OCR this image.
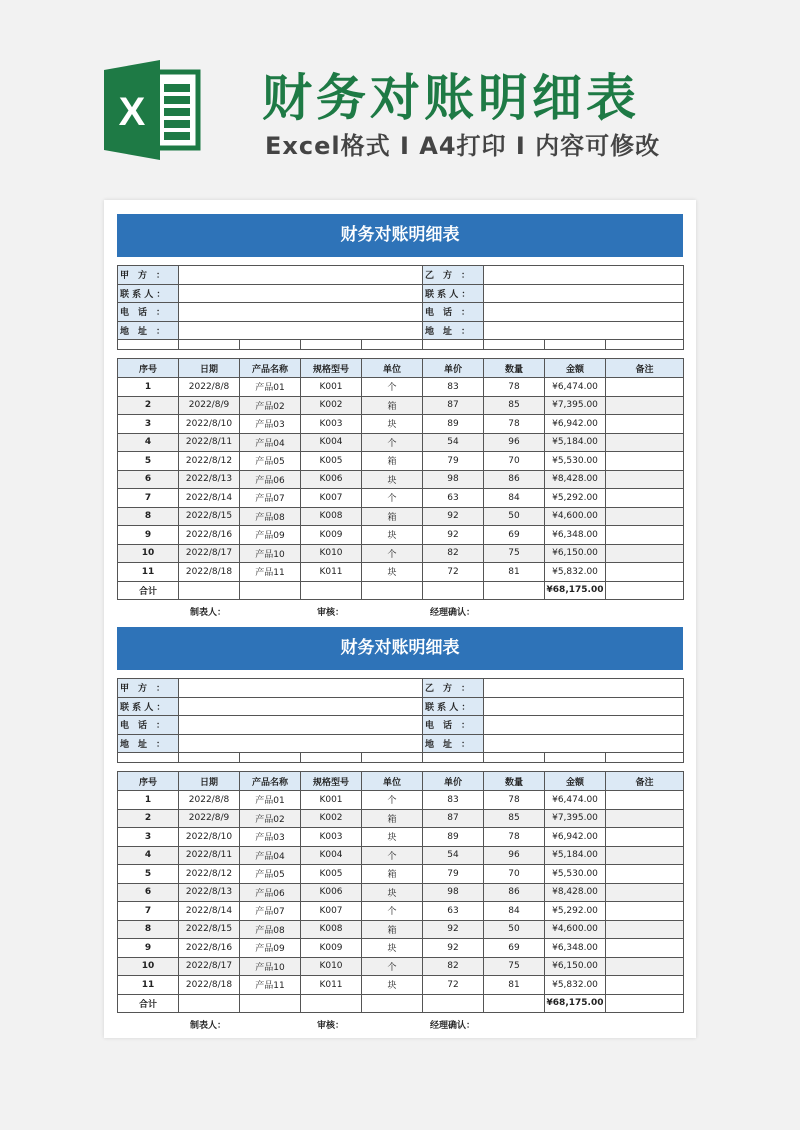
X 财务对账明细表
Excel格式 I A4打印 I 内容可修改
财务对账明细表
甲　方　：					乙　方　：			
联 系 人 ：					联 系 人 ：			
电　话　：					电　话　：			
地　址　：					地　址　：			

序号	日期	产品名称	规格型号	单位	单价	数量	金额	备注
1	2022/8/8	产品01	K001	个	83	78	¥6,474.00	
2	2022/8/9	产品02	K002	箱	87	85	¥7,395.00	
3	2022/8/10	产品03	K003	块	89	78	¥6,942.00	
4	2022/8/11	产品04	K004	个	54	96	¥5,184.00	
5	2022/8/12	产品05	K005	箱	79	70	¥5,530.00	
6	2022/8/13	产品06	K006	块	98	86	¥8,428.00	
7	2022/8/14	产品07	K007	个	63	84	¥5,292.00	
8	2022/8/15	产品08	K008	箱	92	50	¥4,600.00	
9	2022/8/16	产品09	K009	块	92	69	¥6,348.00	
10	2022/8/17	产品10	K010	个	82	75	¥6,150.00	
11	2022/8/18	产品11	K011	块	72	81	¥5,832.00	
合计							¥68,175.00	
制表人：	审核：	经理确认：
财务对账明细表
甲　方　：					乙　方　：			
联 系 人 ：					联 系 人 ：			
电　话　：					电　话　：			
地　址　：					地　址　：			

序号	日期	产品名称	规格型号	单位	单价	数量	金额	备注
1	2022/8/8	产品01	K001	个	83	78	¥6,474.00	
2	2022/8/9	产品02	K002	箱	87	85	¥7,395.00	
3	2022/8/10	产品03	K003	块	89	78	¥6,942.00	
4	2022/8/11	产品04	K004	个	54	96	¥5,184.00	
5	2022/8/12	产品05	K005	箱	79	70	¥5,530.00	
6	2022/8/13	产品06	K006	块	98	86	¥8,428.00	
7	2022/8/14	产品07	K007	个	63	84	¥5,292.00	
8	2022/8/15	产品08	K008	箱	92	50	¥4,600.00	
9	2022/8/16	产品09	K009	块	92	69	¥6,348.00	
10	2022/8/17	产品10	K010	个	82	75	¥6,150.00	
11	2022/8/18	产品11	K011	块	72	81	¥5,832.00	
合计							¥68,175.00	
制表人：	审核：	经理确认：
